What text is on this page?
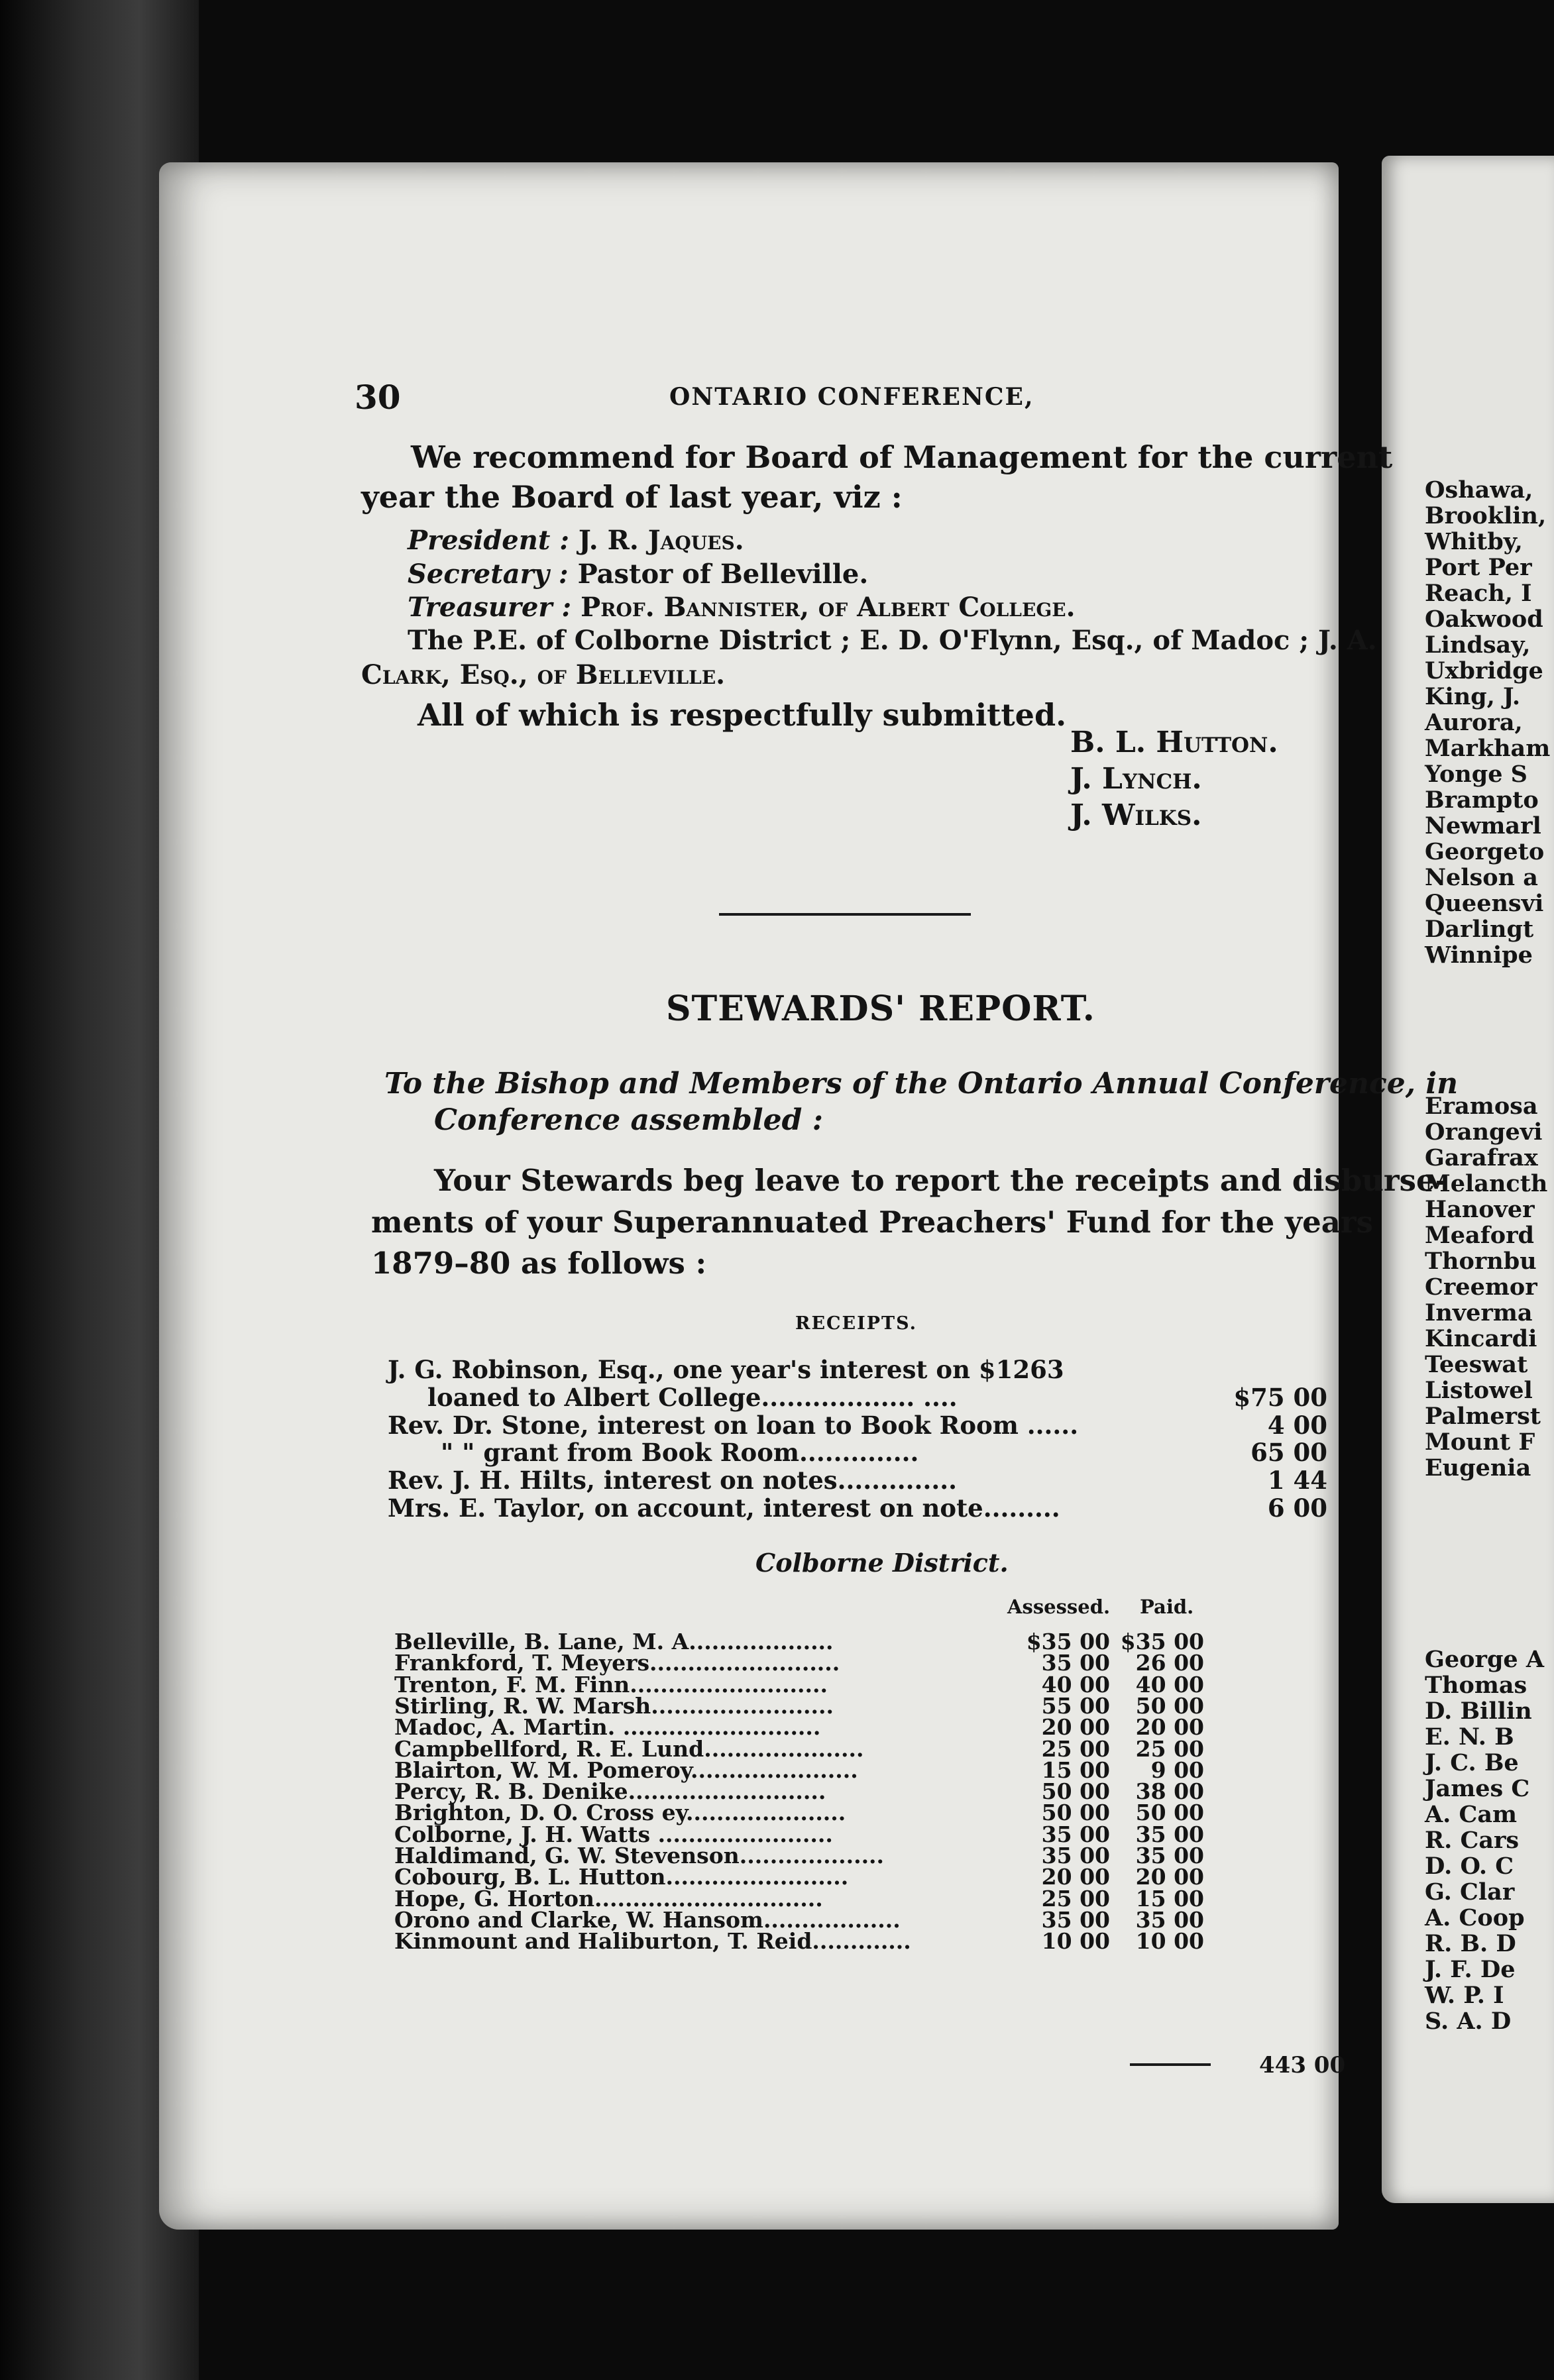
30	ONTARIO CONFERENCE,
We recommend for Board of Management for the current
year the Board of last year, viz :
President : J. R. Jaques.
Secretary : Pastor of Belleville.
Treasurer : Prof. Bannister, of Albert College.
The P.E. of Colborne District ; E. D. O'Flynn, Esq., of Madoc ; J. A.
Clark, Esq., of Belleville.
All of which is respectfully submitted.
B. L. Hutton.
J. Lynch.
J. Wilks.
STEWARDS' REPORT.
To the Bishop and Members of the Ontario Annual Conference, in
Conference assembled :
Your Stewards beg leave to report the receipts and disburse-
ments of your Superannuated Preachers' Fund for the years
1879–80 as follows :
RECEIPTS.
J. G. Robinson, Esq., one year's interest on $1263
loaned to Albert College.................. ....	$75 00
Rev. Dr. Stone, interest on loan to Book Room ......	4 00
" " grant from Book Room..............	65 00
Rev. J. H. Hilts, interest on notes..............	1 44
Mrs. E. Taylor, on account, interest on note.........	6 00
Colborne District.
Assessed. Paid.
Belleville, B. Lane, M. A...................	$35 00 $35 00
Frankford, T. Meyers.........................	35 00	26 00
Trenton, F. M. Finn..........................	40 00	40 00
Stirling, R. W. Marsh........................	55 00	50 00
Madoc, A. Martin. ..........................	20 00	20 00
Campbellford, R. E. Lund.....................	25 00	25 00
Blairton, W. M. Pomeroy......................	15 00	9 00
Percy, R. B. Denike..........................	50 00	38 00
Brighton, D. O. Cross ey.....................	50 00	50 00
Colborne, J. H. Watts .......................	35 00	35 00
Haldimand, G. W. Stevenson...................	35 00	35 00
Cobourg, B. L. Hutton........................	20 00	20 00
Hope, G. Horton..............................	25 00	15 00
Orono and Clarke, W. Hansom..................	35 00	35 00
Kinmount and Haliburton, T. Reid.............	10 00	10 00
443 00
Oshawa,
Brooklin,
Whitby,
Port Per
Reach, I
Oakwood
Lindsay,
Uxbridge
King, J.
Aurora,
Markham
Yonge S
Brampto
Newmarl
Georgeto
Nelson a
Queensvi
Darlingt
Winnipe
Eramosa
Orangevi
Garafrax
Melancth
Hanover
Meaford
Thornbu
Creemor
Inverma
Kincardi
Teeswat
Listowel
Palmerst
Mount F
Eugenia
George A
Thomas
D. Billin
E. N. B
J. C. Be
James C
A. Cam
R. Cars
D. O. C
G. Clar
A. Coop
R. B. D
J. F. De
W. P. I
S. A. D
